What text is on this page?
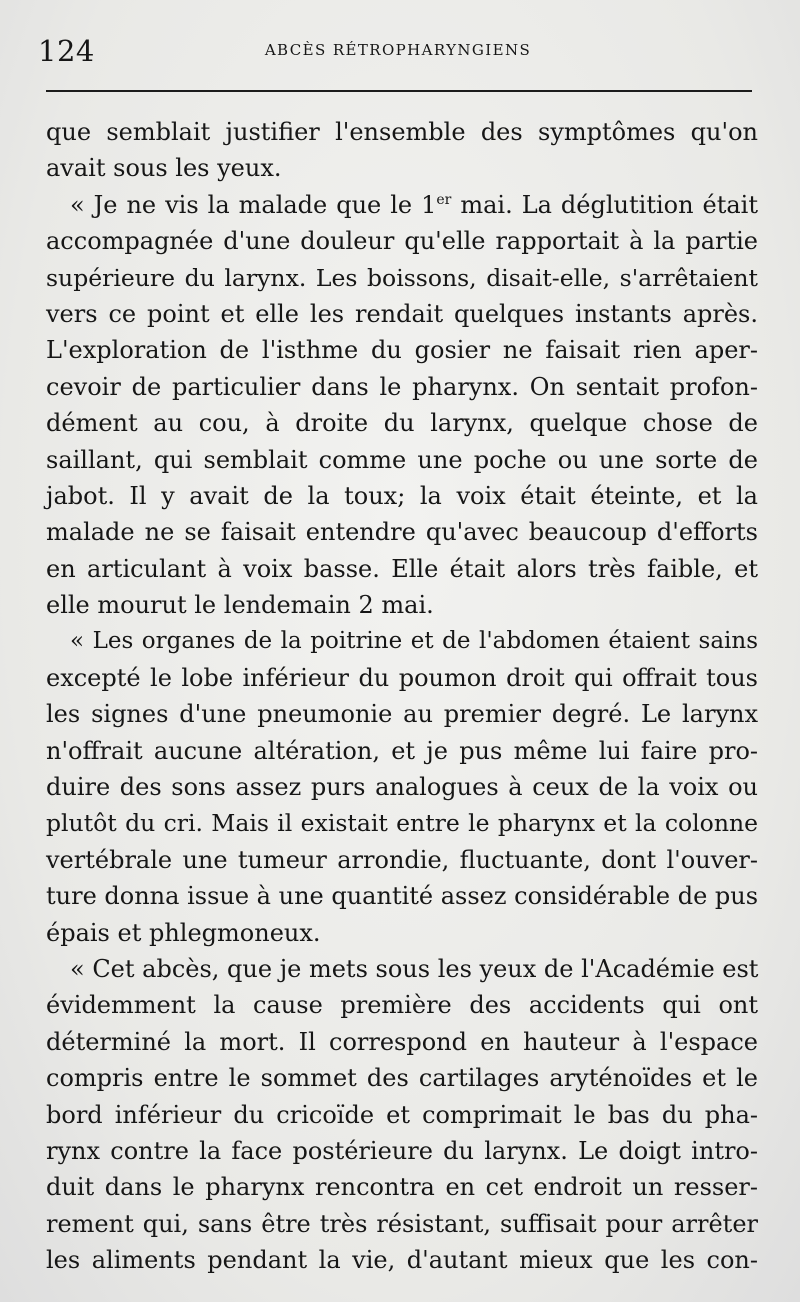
124	ABCÈS RÉTROPHARYNGIENS
que semblait justifier l'ensemble des symptômes qu'on
avait sous les yeux.
« Je ne vis la malade que le 1er mai. La déglutition était
accompagnée d'une douleur qu'elle rapportait à la partie
supérieure du larynx. Les boissons, disait-elle, s'arrêtaient
vers ce point et elle les rendait quelques instants après.
L'exploration de l'isthme du gosier ne faisait rien aper-
cevoir de particulier dans le pharynx. On sentait profon-
dément au cou, à droite du larynx, quelque chose de
saillant, qui semblait comme une poche ou une sorte de
jabot. Il y avait de la toux; la voix était éteinte, et la
malade ne se faisait entendre qu'avec beaucoup d'efforts
en articulant à voix basse. Elle était alors très faible, et
elle mourut le lendemain 2 mai.
« Les organes de la poitrine et de l'abdomen étaient sains
excepté le lobe inférieur du poumon droit qui offrait tous
les signes d'une pneumonie au premier degré. Le larynx
n'offrait aucune altération, et je pus même lui faire pro-
duire des sons assez purs analogues à ceux de la voix ou
plutôt du cri. Mais il existait entre le pharynx et la colonne
vertébrale une tumeur arrondie, fluctuante, dont l'ouver-
ture donna issue à une quantité assez considérable de pus
épais et phlegmoneux.
« Cet abcès, que je mets sous les yeux de l'Académie est
évidemment la cause première des accidents qui ont
déterminé la mort. Il correspond en hauteur à l'espace
compris entre le sommet des cartilages aryténoïdes et le
bord inférieur du cricoïde et comprimait le bas du pha-
rynx contre la face postérieure du larynx. Le doigt intro-
duit dans le pharynx rencontra en cet endroit un resser-
rement qui, sans être très résistant, suffisait pour arrêter
les aliments pendant la vie, d'autant mieux que les con-
